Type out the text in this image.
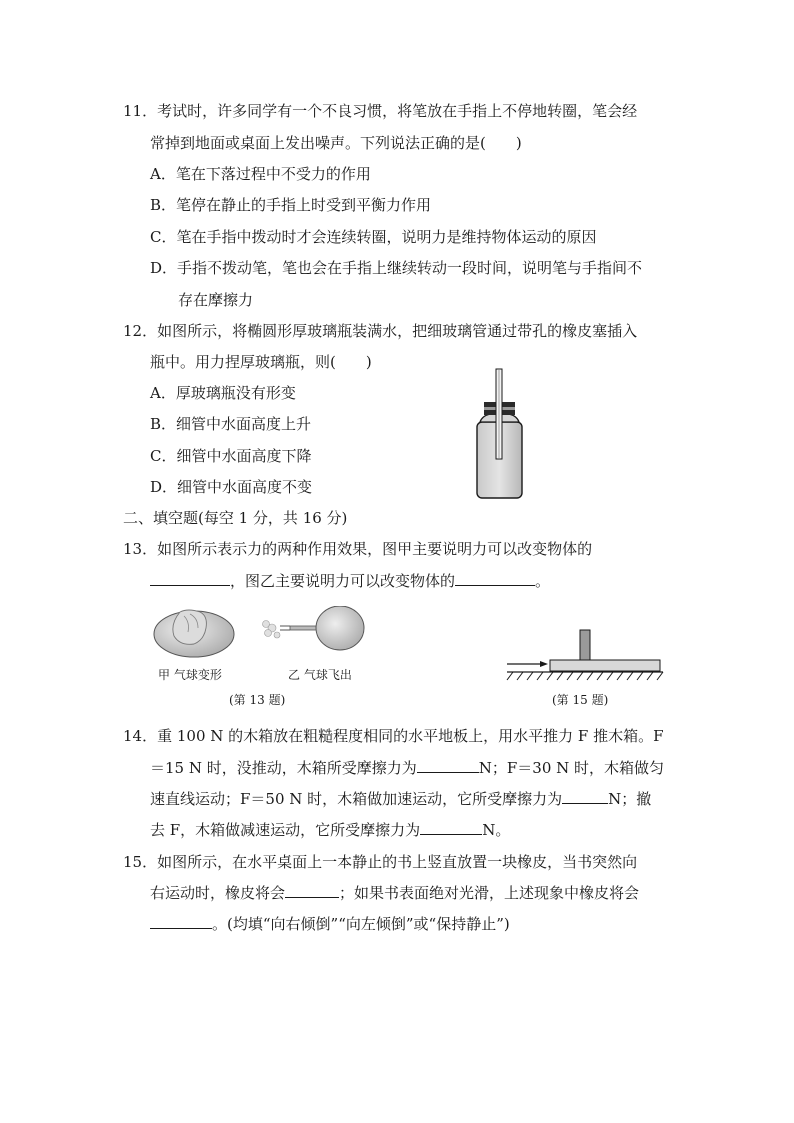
11．考试时，许多同学有一个不良习惯，将笔放在手指上不停地转圈，笔会经
常掉到地面或桌面上发出噪声。下列说法正确的是(　　)
A．笔在下落过程中不受力的作用
B．笔停在静止的手指上时受到平衡力作用
C．笔在手指中拨动时才会连续转圈，说明力是维持物体运动的原因
D．手指不拨动笔，笔也会在手指上继续转动一段时间，说明笔与手指间不
存在摩擦力
12．如图所示，将椭圆形厚玻璃瓶装满水，把细玻璃管通过带孔的橡皮塞插入
瓶中。用力捏厚玻璃瓶，则(　　)
A．厚玻璃瓶没有形变
B．细管中水面高度上升
C．细管中水面高度下降
D．细管中水面高度不变
二、填空题(每空 1 分，共 16 分)
13．如图所示表示力的两种作用效果，图甲主要说明力可以改变物体的
，图乙主要说明力可以改变物体的	。
甲 气球变形	乙 气球飞出
(第 13 题)	(第 15 题)
14．重 100 N 的木箱放在粗糙程度相同的水平地板上，用水平推力 F 推木箱。F
＝15 N 时，没推动，木箱所受摩擦力为	N；F＝30 N 时，木箱做匀
速直线运动；F＝50 N 时，木箱做加速运动，它所受摩擦力为	N；撤
去 F，木箱做减速运动，它所受摩擦力为	N。
15．如图所示，在水平桌面上一本静止的书上竖直放置一块橡皮，当书突然向
右运动时，橡皮将会	；如果书表面绝对光滑，上述现象中橡皮将会
。(均填“向右倾倒”“向左倾倒”或“保持静止”)
